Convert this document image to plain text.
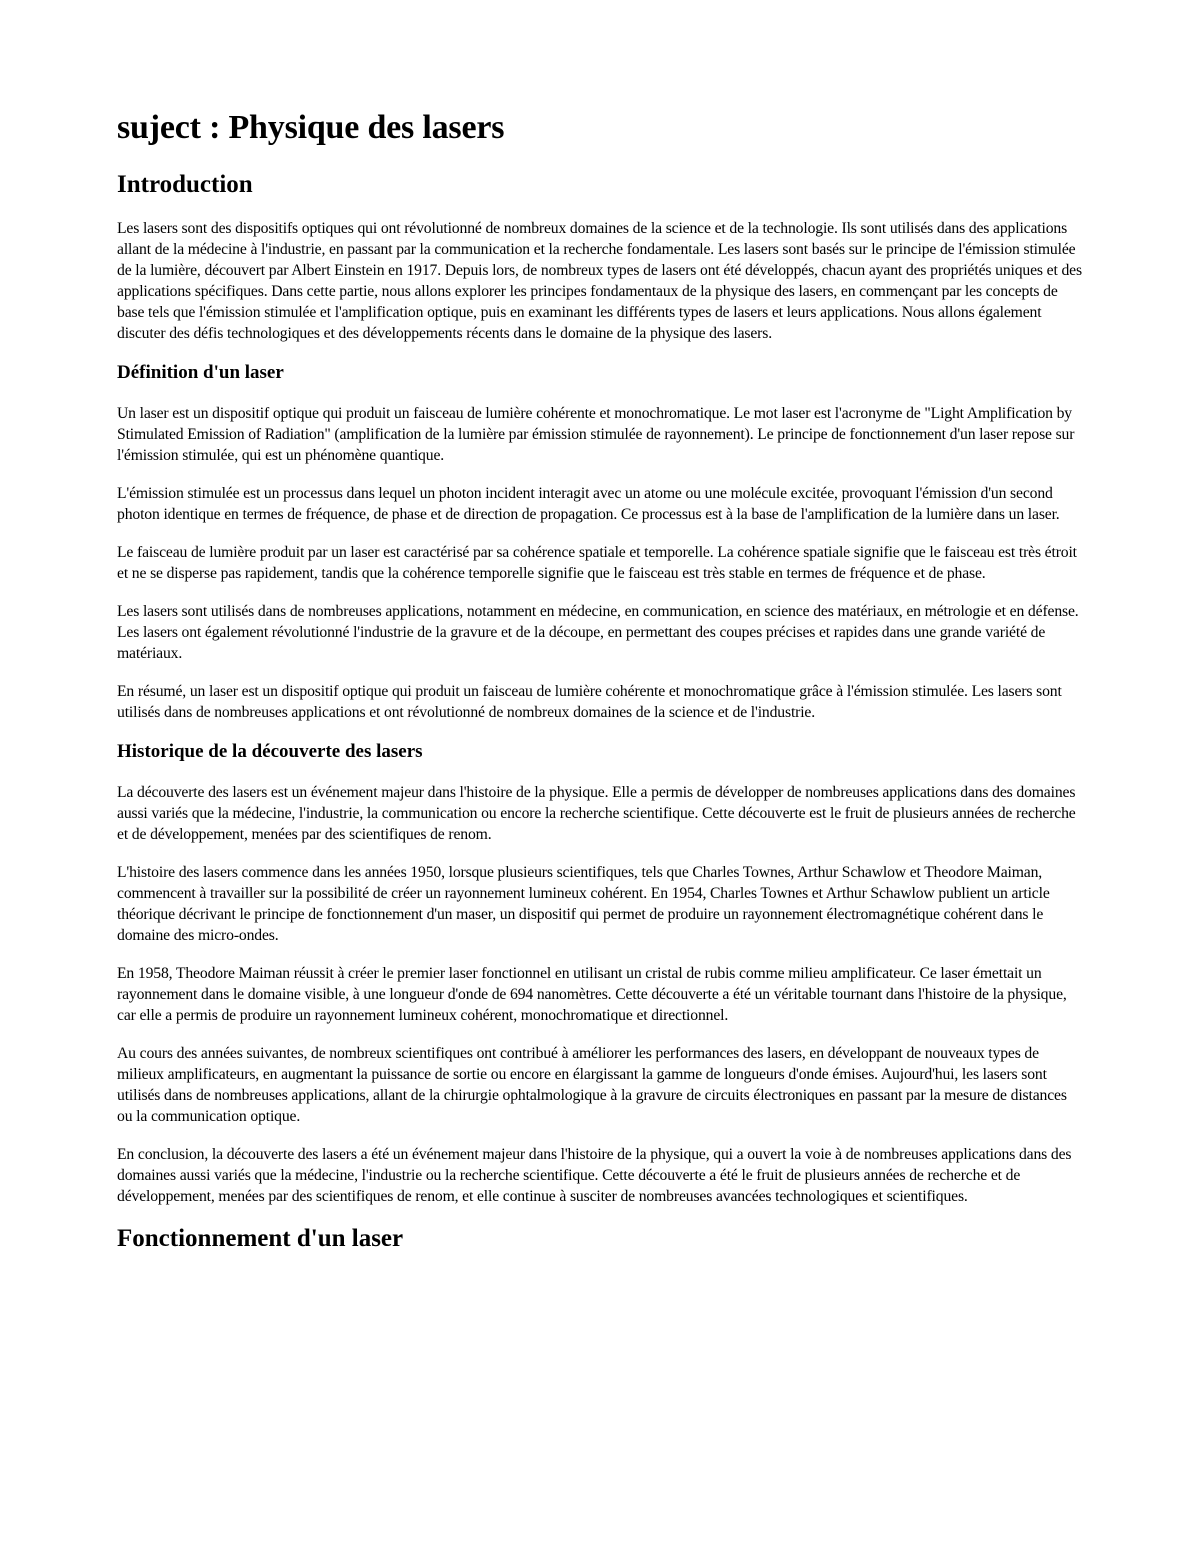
suject : Physique des lasers
Introduction

Les lasers sont des dispositifs optiques qui ont révolutionné de nombreux domaines de la science et de la technologie. Ils sont utilisés dans des applications allant de la médecine à l'industrie, en passant par la communication et la recherche fondamentale. Les lasers sont basés sur le principe de l'émission stimulée de la lumière, découvert par Albert Einstein en 1917. Depuis lors, de nombreux types de lasers ont été développés, chacun ayant des propriétés uniques et des applications spécifiques. Dans cette partie, nous allons explorer les principes fondamentaux de la physique des lasers, en commençant par les concepts de base tels que l'émission stimulée et l'amplification optique, puis en examinant les différents types de lasers et leurs applications. Nous allons également discuter des défis technologiques et des développements récents dans le domaine de la physique des lasers.

Définition d'un laser

Un laser est un dispositif optique qui produit un faisceau de lumière cohérente et monochromatique. Le mot laser est l'acronyme de "Light Amplification by Stimulated Emission of Radiation" (amplification de la lumière par émission stimulée de rayonnement). Le principe de fonctionnement d'un laser repose sur l'émission stimulée, qui est un phénomène quantique.

L'émission stimulée est un processus dans lequel un photon incident interagit avec un atome ou une molécule excitée, provoquant l'émission d'un second photon identique en termes de fréquence, de phase et de direction de propagation. Ce processus est à la base de l'amplification de la lumière dans un laser.

Le faisceau de lumière produit par un laser est caractérisé par sa cohérence spatiale et temporelle. La cohérence spatiale signifie que le faisceau est très étroit et ne se disperse pas rapidement, tandis que la cohérence temporelle signifie que le faisceau est très stable en termes de fréquence et de phase.

Les lasers sont utilisés dans de nombreuses applications, notamment en médecine, en communication, en science des matériaux, en métrologie et en défense. Les lasers ont également révolutionné l'industrie de la gravure et de la découpe, en permettant des coupes précises et rapides dans une grande variété de matériaux.

En résumé, un laser est un dispositif optique qui produit un faisceau de lumière cohérente et monochromatique grâce à l'émission stimulée. Les lasers sont utilisés dans de nombreuses applications et ont révolutionné de nombreux domaines de la science et de l'industrie.

Historique de la découverte des lasers

La découverte des lasers est un événement majeur dans l'histoire de la physique. Elle a permis de développer de nombreuses applications dans des domaines aussi variés que la médecine, l'industrie, la communication ou encore la recherche scientifique. Cette découverte est le fruit de plusieurs années de recherche et de développement, menées par des scientifiques de renom.

L'histoire des lasers commence dans les années 1950, lorsque plusieurs scientifiques, tels que Charles Townes, Arthur Schawlow et Theodore Maiman, commencent à travailler sur la possibilité de créer un rayonnement lumineux cohérent. En 1954, Charles Townes et Arthur Schawlow publient un article théorique décrivant le principe de fonctionnement d'un maser, un dispositif qui permet de produire un rayonnement électromagnétique cohérent dans le domaine des micro-ondes.

En 1958, Theodore Maiman réussit à créer le premier laser fonctionnel en utilisant un cristal de rubis comme milieu amplificateur. Ce laser émettait un rayonnement dans le domaine visible, à une longueur d'onde de 694 nanomètres. Cette découverte a été un véritable tournant dans l'histoire de la physique, car elle a permis de produire un rayonnement lumineux cohérent, monochromatique et directionnel.

Au cours des années suivantes, de nombreux scientifiques ont contribué à améliorer les performances des lasers, en développant de nouveaux types de milieux amplificateurs, en augmentant la puissance de sortie ou encore en élargissant la gamme de longueurs d'onde émises. Aujourd'hui, les lasers sont utilisés dans de nombreuses applications, allant de la chirurgie ophtalmologique à la gravure de circuits électroniques en passant par la mesure de distances ou la communication optique.

En conclusion, la découverte des lasers a été un événement majeur dans l'histoire de la physique, qui a ouvert la voie à de nombreuses applications dans des domaines aussi variés que la médecine, l'industrie ou la recherche scientifique. Cette découverte a été le fruit de plusieurs années de recherche et de développement, menées par des scientifiques de renom, et elle continue à susciter de nombreuses avancées technologiques et scientifiques.

Fonctionnement d'un laser
